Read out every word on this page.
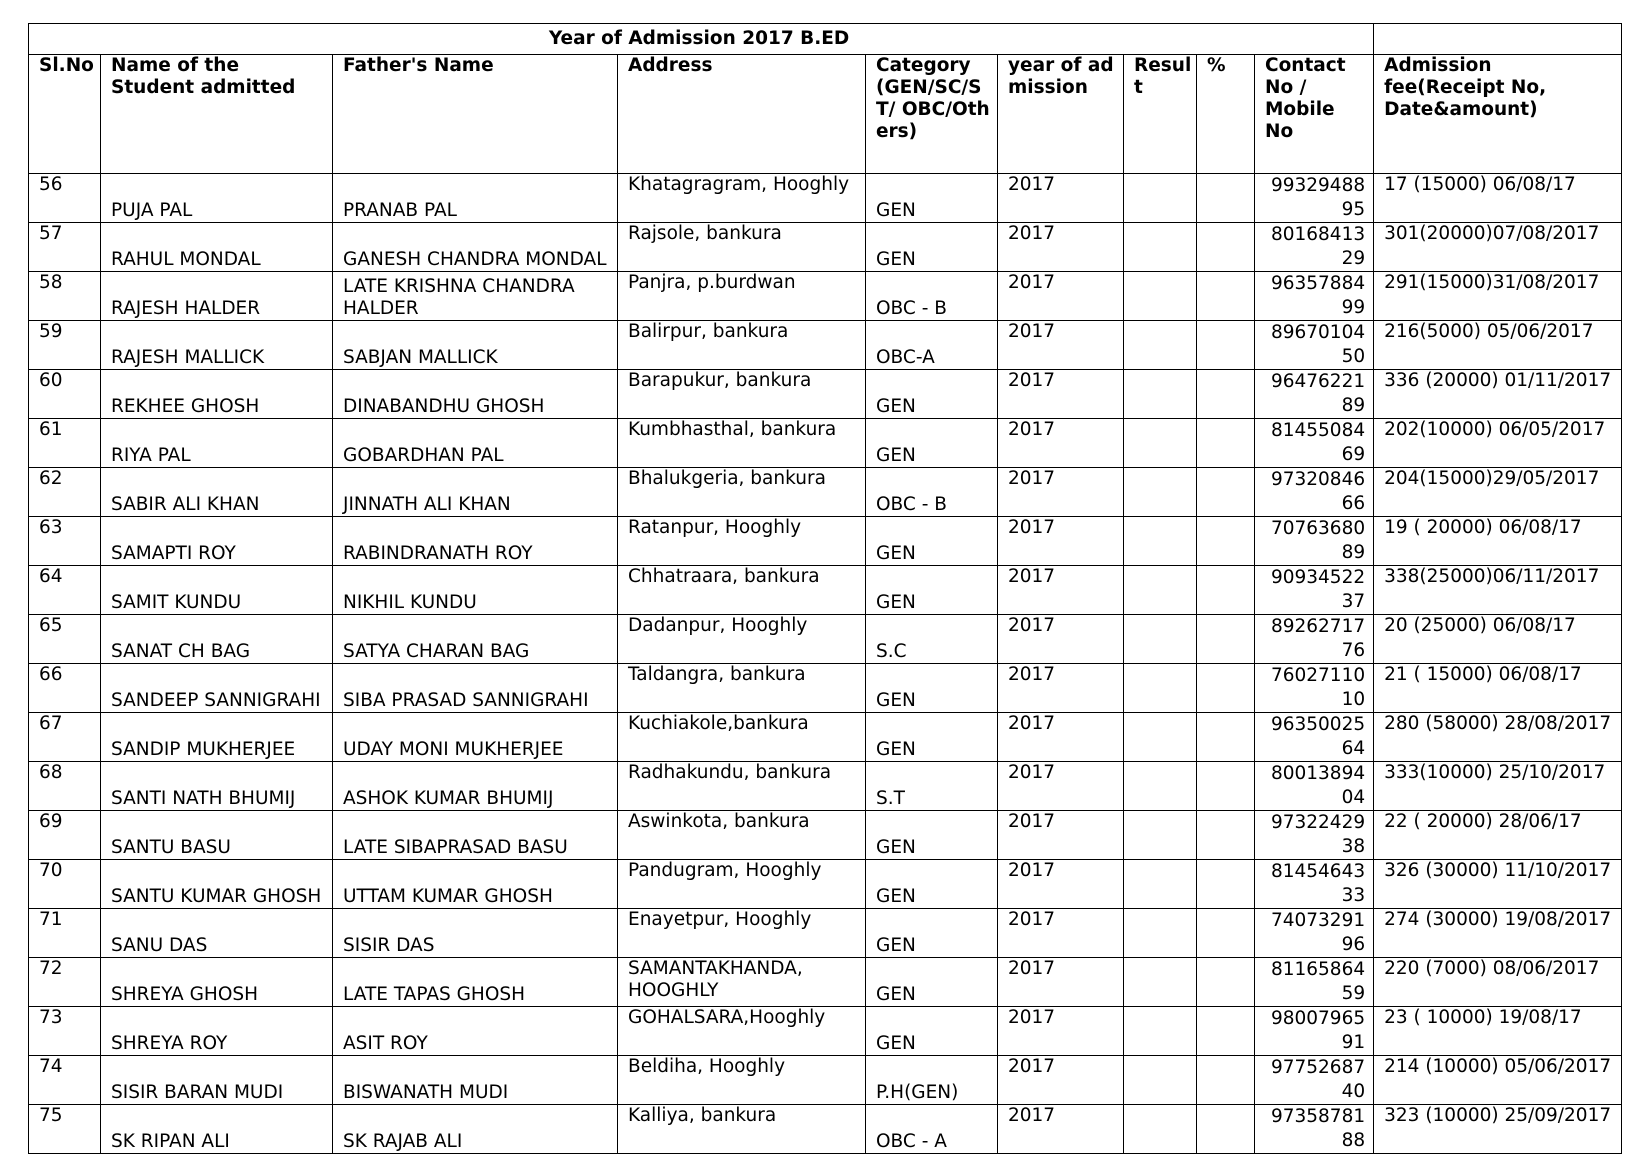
Year of Admission 2017 B.ED									
Sl.No	Name of the Student admitted	Father's Name	Address	Category (GEN/SC/ST/ OBC/Others)	year of admission	Result	%	Contact No / Mobile No	Admission fee(Receipt No, Date&amount)
56	PUJA PAL	PRANAB PAL	Khatagragram, Hooghly	GEN	2017			9932948895	17 (15000) 06/08/17
57	RAHUL MONDAL	GANESH CHANDRA MONDAL	Rajsole, bankura	GEN	2017			8016841329	301(20000)07/08/2017
58	RAJESH HALDER	LATE KRISHNA CHANDRA HALDER	Panjra, p.burdwan	OBC - B	2017			9635788499	291(15000)31/08/2017
59	RAJESH MALLICK	SABJAN MALLICK	Balirpur, bankura	OBC-A	2017			8967010450	216(5000) 05/06/2017
60	REKHEE GHOSH	DINABANDHU GHOSH	Barapukur, bankura	GEN	2017			9647622189	336 (20000) 01/11/2017
61	RIYA PAL	GOBARDHAN PAL	Kumbhasthal, bankura	GEN	2017			8145508469	202(10000) 06/05/2017
62	SABIR ALI KHAN	JINNATH ALI KHAN	Bhalukgeria, bankura	OBC - B	2017			9732084666	204(15000)29/05/2017
63	SAMAPTI ROY	RABINDRANATH ROY	Ratanpur, Hooghly	GEN	2017			7076368089	19 ( 20000) 06/08/17
64	SAMIT KUNDU	NIKHIL KUNDU	Chhatraara, bankura	GEN	2017			9093452237	338(25000)06/11/2017
65	SANAT CH BAG	SATYA CHARAN BAG	Dadanpur, Hooghly	S.C	2017			8926271776	20 (25000) 06/08/17
66	SANDEEP SANNIGRAHI	SIBA PRASAD SANNIGRAHI	Taldangra, bankura	GEN	2017			7602711010	21 ( 15000) 06/08/17
67	SANDIP MUKHERJEE	UDAY MONI MUKHERJEE	Kuchiakole,bankura	GEN	2017			9635002564	280 (58000) 28/08/2017
68	SANTI NATH BHUMIJ	ASHOK KUMAR BHUMIJ	Radhakundu, bankura	S.T	2017			8001389404	333(10000) 25/10/2017
69	SANTU BASU	LATE SIBAPRASAD BASU	Aswinkota, bankura	GEN	2017			9732242938	22 ( 20000) 28/06/17
70	SANTU KUMAR GHOSH	UTTAM KUMAR GHOSH	Pandugram, Hooghly	GEN	2017			8145464333	326 (30000) 11/10/2017
71	SANU DAS	SISIR DAS	Enayetpur, Hooghly	GEN	2017			7407329196	274 (30000) 19/08/2017
72	SHREYA GHOSH	LATE TAPAS GHOSH	SAMANTAKHANDA, HOOGHLY	GEN	2017			8116586459	220 (7000) 08/06/2017
73	SHREYA ROY	ASIT ROY	GOHALSARA,Hooghly	GEN	2017			9800796591	23 ( 10000) 19/08/17
74	SISIR BARAN MUDI	BISWANATH MUDI	Beldiha, Hooghly	P.H(GEN)	2017			9775268740	214 (10000) 05/06/2017
75	SK RIPAN ALI	SK RAJAB ALI	Kalliya, bankura	OBC - A	2017			9735878188	323 (10000) 25/09/2017
